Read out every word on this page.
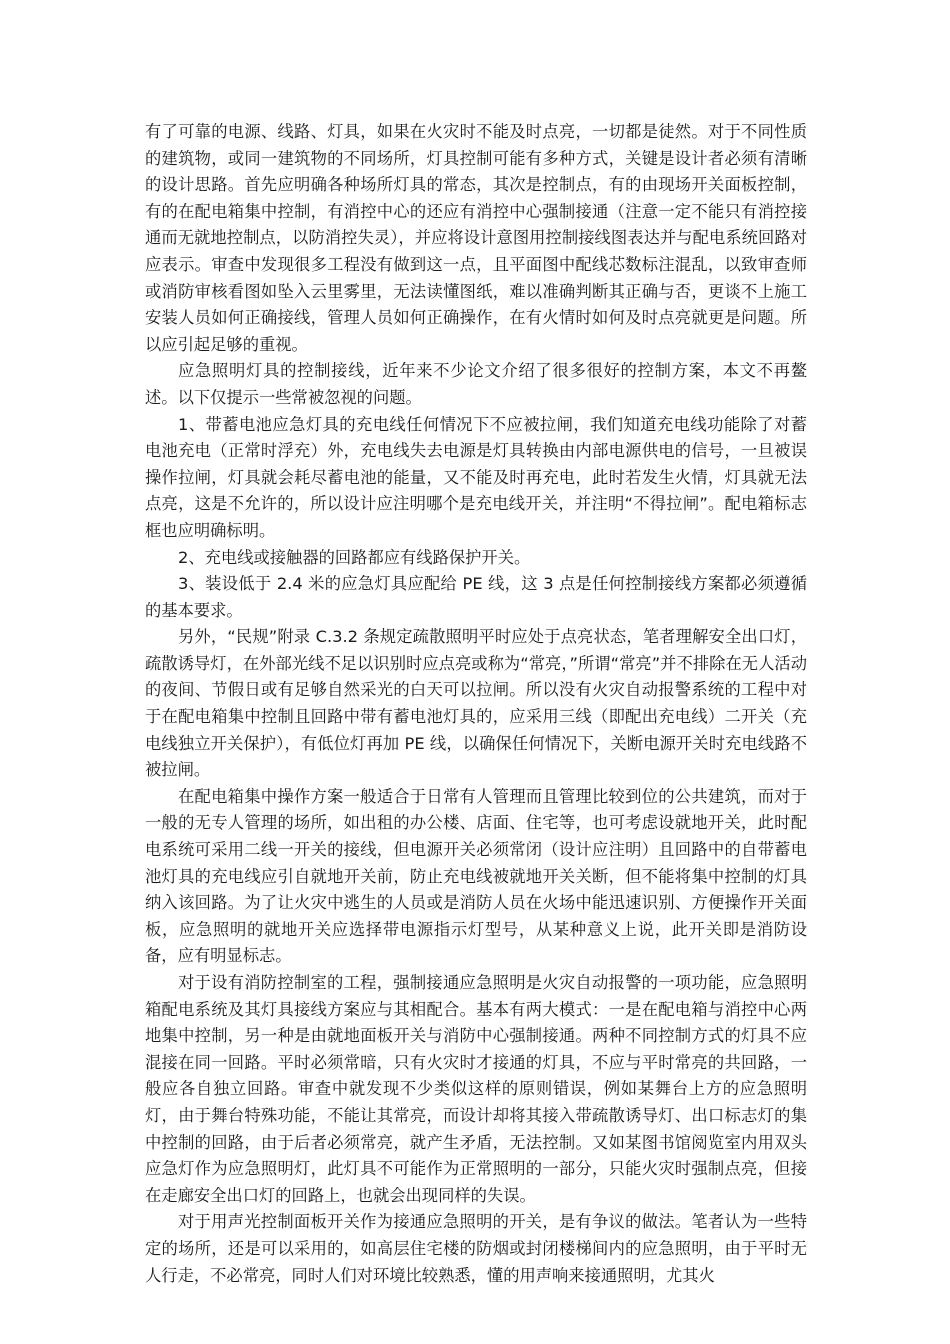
有了可靠的电源、线路、灯具，如果在火灾时不能及时点亮，一切都是徒然。对于不同性质的建筑物，或同一建筑物的不同场所，灯具控制可能有多种方式，关键是设计者必须有清晰的设计思路。首先应明确各种场所灯具的常态，其次是控制点，有的由现场开关面板控制，有的在配电箱集中控制，有消控中心的还应有消控中心强制接通（注意一定不能只有消控接通而无就地控制点，以防消控失灵），并应将设计意图用控制接线图表达并与配电系统回路对应表示。审查中发现很多工程没有做到这一点，且平面图中配线芯数标注混乱，以致审查师或消防审核看图如坠入云里雾里，无法读懂图纸，难以准确判断其正确与否，更谈不上施工安装人员如何正确接线，管理人员如何正确操作，在有火情时如何及时点亮就更是问题。所以应引起足够的重视。

应急照明灯具的控制接线，近年来不少论文介绍了很多很好的控制方案，本文不再鳌述。以下仅提示一些常被忽视的问题。

1、带蓄电池应急灯具的充电线任何情况下不应被拉闸，我们知道充电线功能除了对蓄电池充电（正常时浮充）外，充电线失去电源是灯具转换由内部电源供电的信号，一旦被误操作拉闸，灯具就会耗尽蓄电池的能量，又不能及时再充电，此时若发生火情，灯具就无法点亮，这是不允许的，所以设计应注明哪个是充电线开关，并注明“不得拉闸”。配电箱标志框也应明确标明。

2、充电线或接触器的回路都应有线路保护开关。

3、装设低于 2.4 米的应急灯具应配给 PE 线，这 3 点是任何控制接线方案都必须遵循的基本要求。

另外，“民规”附录 C.3.2 条规定疏散照明平时应处于点亮状态，笔者理解安全出口灯，疏散诱导灯，在外部光线不足以识别时应点亮或称为“常亮，”所谓“常亮”并不排除在无人活动的夜间、节假日或有足够自然采光的白天可以拉闸。所以没有火灾自动报警系统的工程中对于在配电箱集中控制且回路中带有蓄电池灯具的，应采用三线（即配出充电线）二开关（充电线独立开关保护），有低位灯再加 PE 线，以确保任何情况下，关断电源开关时充电线路不被拉闸。

在配电箱集中操作方案一般适合于日常有人管理而且管理比较到位的公共建筑，而对于一般的无专人管理的场所，如出租的办公楼、店面、住宅等，也可考虑设就地开关，此时配电系统可采用二线一开关的接线，但电源开关必须常闭（设计应注明）且回路中的自带蓄电池灯具的充电线应引自就地开关前，防止充电线被就地开关关断，但不能将集中控制的灯具纳入该回路。为了让火灾中逃生的人员或是消防人员在火场中能迅速识别、方便操作开关面板，应急照明的就地开关应选择带电源指示灯型号，从某种意义上说，此开关即是消防设备，应有明显标志。

对于设有消防控制室的工程，强制接通应急照明是火灾自动报警的一项功能，应急照明箱配电系统及其灯具接线方案应与其相配合。基本有两大模式：一是在配电箱与消控中心两地集中控制，另一种是由就地面板开关与消防中心强制接通。两种不同控制方式的灯具不应混接在同一回路。平时必须常暗，只有火灾时才接通的灯具，不应与平时常亮的共回路，一般应各自独立回路。审查中就发现不少类似这样的原则错误，例如某舞台上方的应急照明灯，由于舞台特殊功能，不能让其常亮，而设计却将其接入带疏散诱导灯、出口标志灯的集中控制的回路，由于后者必须常亮，就产生矛盾，无法控制。又如某图书馆阅览室内用双头应急灯作为应急照明灯，此灯具不可能作为正常照明的一部分，只能火灾时强制点亮，但接在走廊安全出口灯的回路上，也就会出现同样的失误。

对于用声光控制面板开关作为接通应急照明的开关，是有争议的做法。笔者认为一些特定的场所，还是可以采用的，如高层住宅楼的防烟或封闭楼梯间内的应急照明，由于平时无人行走，不必常亮，同时人们对环境比较熟悉，懂的用声响来接通照明，尤其火
